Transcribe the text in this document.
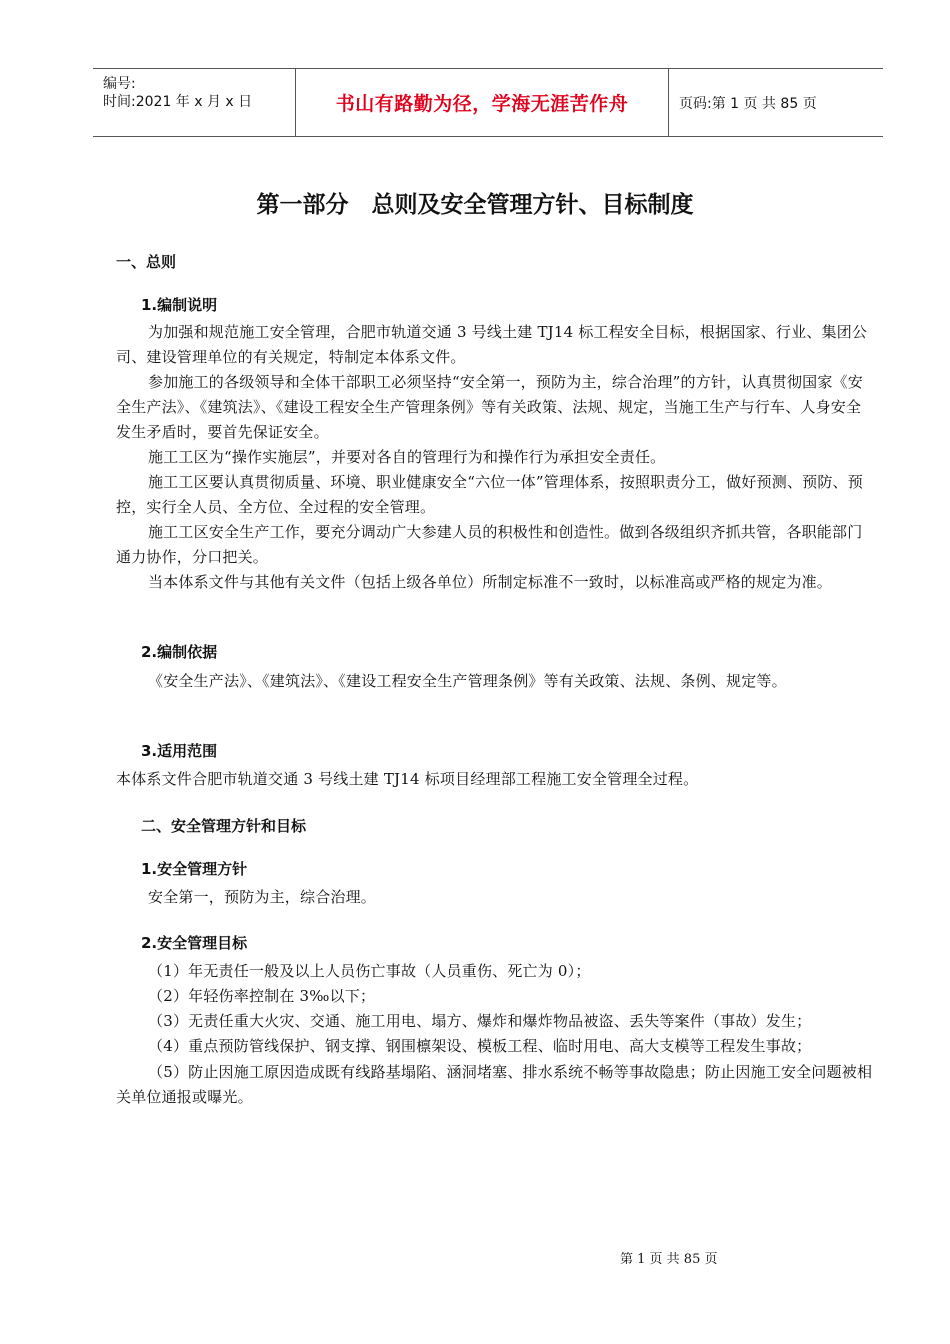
编号:
时间:2021 年 x 月 x 日	书山有路勤为径，学海无涯苦作舟	页码:第 1 页 共 85 页
第一部分　总则及安全管理方针、目标制度
一、总则
1.编制说明

为加强和规范施工安全管理，合肥市轨道交通 3 号线土建 TJ14 标工程安全目标，根据国家、行业、集团公司、建设管理单位的有关规定，特制定本体系文件。

参加施工的各级领导和全体干部职工必须坚持“安全第一，预防为主，综合治理”的方针，认真贯彻国家《安全生产法》、《建筑法》、《建设工程安全生产管理条例》等有关政策、法规、规定，当施工生产与行车、人身安全发生矛盾时，要首先保证安全。

施工工区为“操作实施层”，并要对各自的管理行为和操作行为承担安全责任。

施工工区要认真贯彻质量、环境、职业健康安全“六位一体”管理体系，按照职责分工，做好预测、预防、预控，实行全人员、全方位、全过程的安全管理。

施工工区安全生产工作，要充分调动广大参建人员的积极性和创造性。做到各级组织齐抓共管，各职能部门通力协作，分口把关。

当本体系文件与其他有关文件（包括上级各单位）所制定标准不一致时，以标准高或严格的规定为准。

2.编制依据

《安全生产法》、《建筑法》、《建设工程安全生产管理条例》等有关政策、法规、条例、规定等。

3.适用范围

本体系文件合肥市轨道交通 3 号线土建 TJ14 标项目经理部工程施工安全管理全过程。

二、安全管理方针和目标
1.安全管理方针

安全第一，预防为主，综合治理。

2.安全管理目标
（1）年无责任一般及以上人员伤亡事故（人员重伤、死亡为 0）；
（2）年轻伤率控制在 3‰以下；
（3）无责任重大火灾、交通、施工用电、塌方、爆炸和爆炸物品被盗、丢失等案件（事故）发生；
（4）重点预防管线保护、钢支撑、钢围檩架设、模板工程、临时用电、高大支模等工程发生事故；

（5）防止因施工原因造成既有线路基塌陷、涵洞堵塞、排水系统不畅等事故隐患；防止因施工安全问题被相关单位通报或曝光。

第 1 页 共 85 页
